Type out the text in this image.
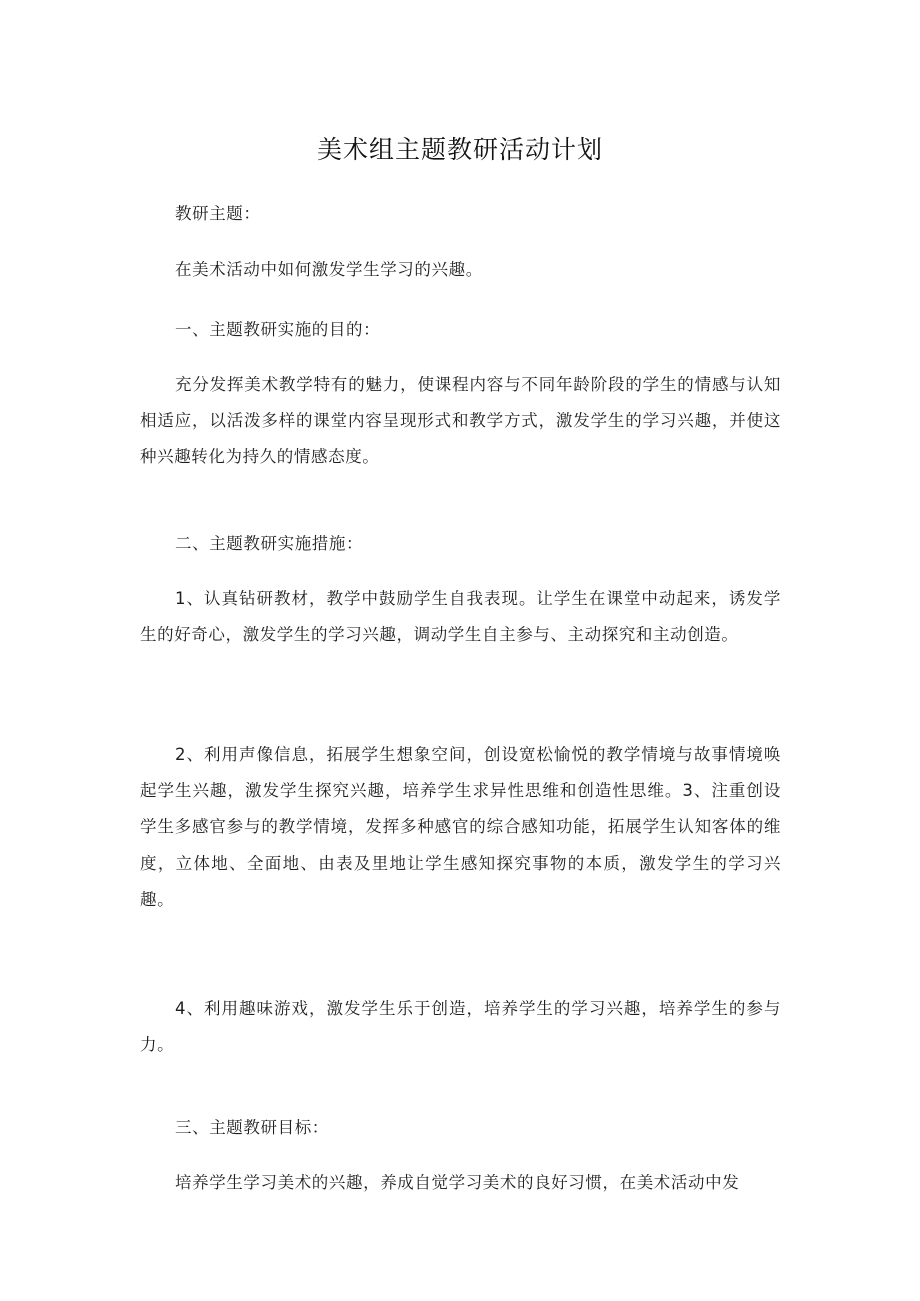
美术组主题教研活动计划

教研主题：

在美术活动中如何激发学生学习的兴趣。

一、主题教研实施的目的：

充分发挥美术教学特有的魅力，使课程内容与不同年龄阶段的学生的情感与认知相适应，以活泼多样的课堂内容呈现形式和教学方式，激发学生的学习兴趣，并使这种兴趣转化为持久的情感态度。

二、主题教研实施措施：

1、认真钻研教材，教学中鼓励学生自我表现。让学生在课堂中动起来，诱发学生的好奇心，激发学生的学习兴趣，调动学生自主参与、主动探究和主动创造。

2、利用声像信息，拓展学生想象空间，创设宽松愉悦的教学情境与故事情境唤起学生兴趣，激发学生探究兴趣，培养学生求异性思维和创造性思维。3、注重创设学生多感官参与的教学情境，发挥多种感官的综合感知功能，拓展学生认知客体的维度，立体地、全面地、由表及里地让学生感知探究事物的本质，激发学生的学习兴趣。

4、利用趣味游戏，激发学生乐于创造，培养学生的学习兴趣，培养学生的参与力。

三、主题教研目标：

培养学生学习美术的兴趣，养成自觉学习美术的良好习惯，在美术活动中发
